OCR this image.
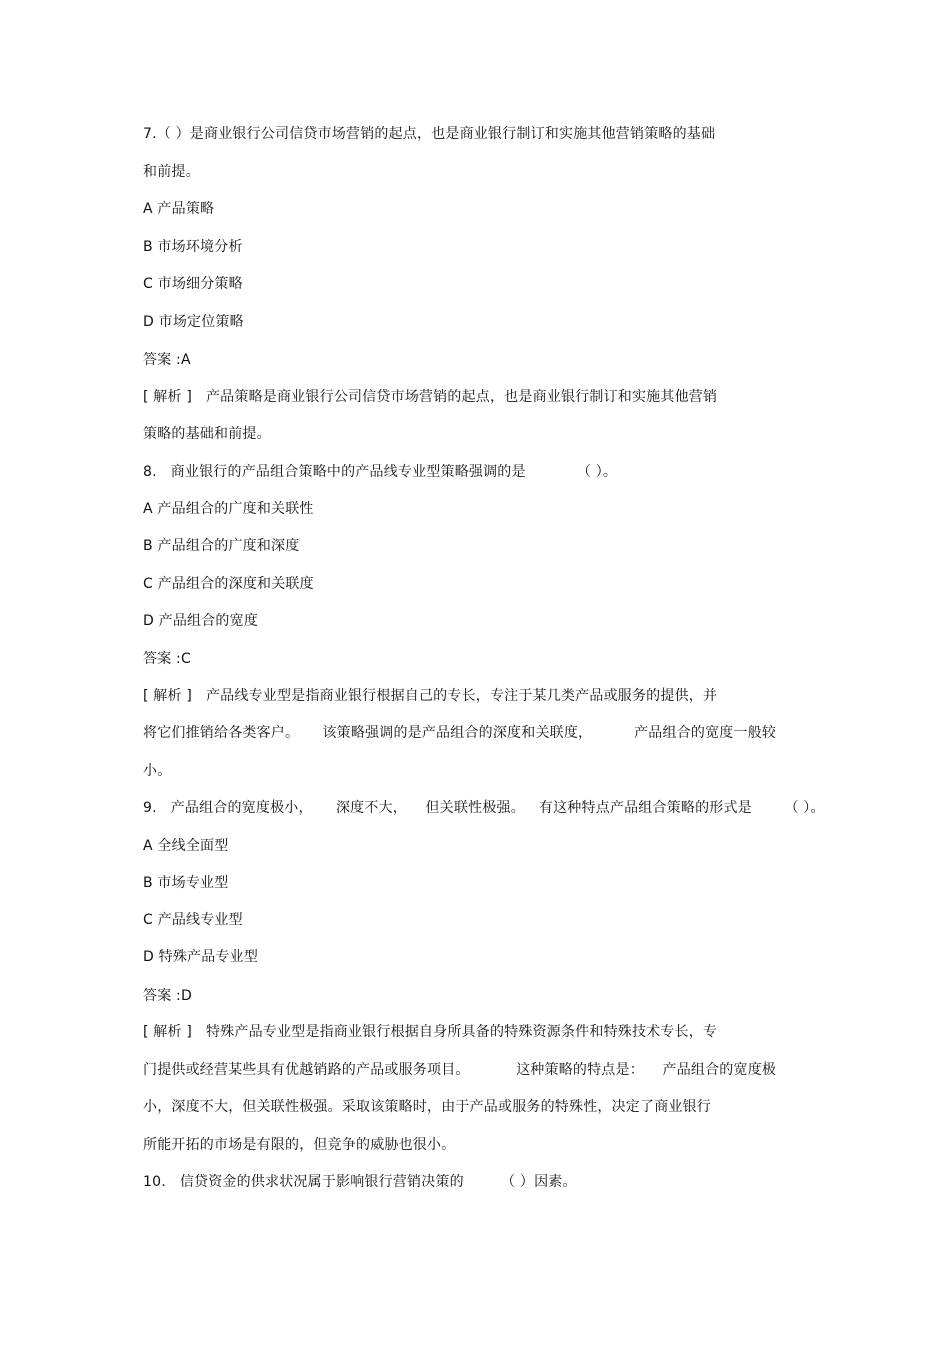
7.（ ）是商业银行公司信贷市场营销的起点，也是商业银行制订和实施其他营销策略的基础
和前提。
A 产品策略
B 市场环境分析
C 市场细分策略
D 市场定位策略
答案 :A
[ 解析 ]   产品策略是商业银行公司信贷市场营销的起点，也是商业银行制订和实施其他营销
策略的基础和前提。
8.   商业银行的产品组合策略中的产品线专业型策略强调的是           （ ）。
A 产品组合的广度和关联性
B 产品组合的广度和深度
C 产品组合的深度和关联度
D 产品组合的宽度
答案 :C
[ 解析 ]   产品线专业型是指商业银行根据自己的专长，专注于某几类产品或服务的提供，并
将它们推销给各类客户。     该策略强调的是产品组合的深度和关联度，         产品组合的宽度一般较
小。
9.   产品组合的宽度极小，     深度不大，    但关联性极强。   有这种特点产品组合策略的形式是       （ ）。
A 全线全面型
B 市场专业型
C 产品线专业型
D 特殊产品专业型
答案 :D
[ 解析 ]   特殊产品专业型是指商业银行根据自身所具备的特殊资源条件和特殊技术专长，专
门提供或经营某些具有优越销路的产品或服务项目。          这种策略的特点是：    产品组合的宽度极
小，深度不大，但关联性极强。采取该策略时，由于产品或服务的特殊性，决定了商业银行
所能开拓的市场是有限的，但竞争的威胁也很小。
10.   信贷资金的供求状况属于影响银行营销决策的        （ ）因素。
